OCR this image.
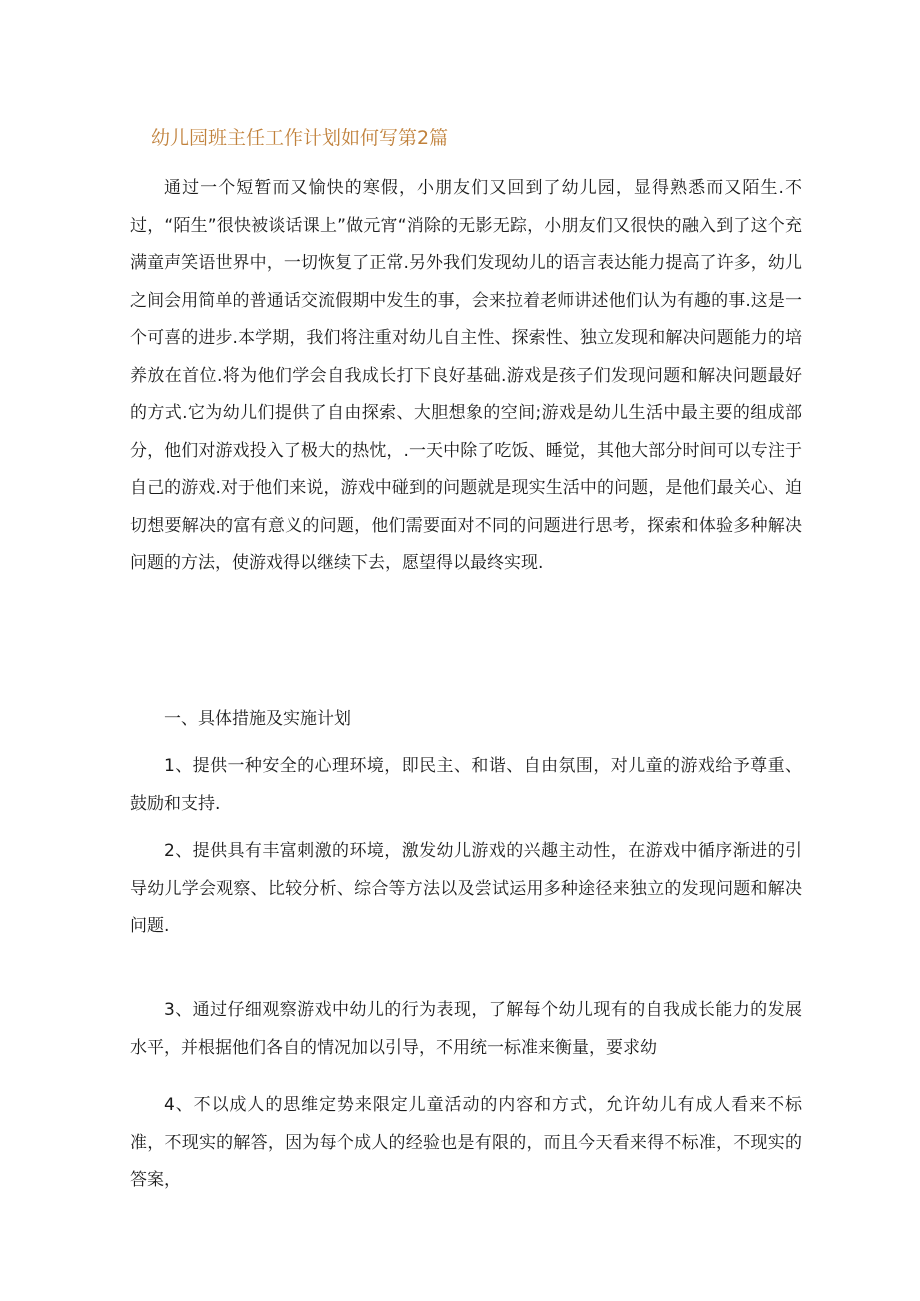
幼儿园班主任工作计划如何写第2篇

通过一个短暂而又愉快的寒假，小朋友们又回到了幼儿园，显得熟悉而又陌生.不过，“陌生”很快被谈话课上”做元宵“消除的无影无踪，小朋友们又很快的融入到了这个充满童声笑语世界中，一切恢复了正常.另外我们发现幼儿的语言表达能力提高了许多，幼儿之间会用简单的普通话交流假期中发生的事，会来拉着老师讲述他们认为有趣的事.这是一个可喜的进步.本学期，我们将注重对幼儿自主性、探索性、独立发现和解决问题能力的培养放在首位.将为他们学会自我成长打下良好基础.游戏是孩子们发现问题和解决问题最好的方式.它为幼儿们提供了自由探索、大胆想象的空间;游戏是幼儿生活中最主要的组成部分，他们对游戏投入了极大的热忱，.一天中除了吃饭、睡觉，其他大部分时间可以专注于自己的游戏.对于他们来说，游戏中碰到的问题就是现实生活中的问题，是他们最关心、迫切想要解决的富有意义的问题，他们需要面对不同的问题进行思考，探索和体验多种解决问题的方法，使游戏得以继续下去，愿望得以最终实现.

一、具体措施及实施计划

1、提供一种安全的心理环境，即民主、和谐、自由氛围，对儿童的游戏给予尊重、鼓励和支持.

2、提供具有丰富刺激的环境，激发幼儿游戏的兴趣主动性，在游戏中循序渐进的引导幼儿学会观察、比较分析、综合等方法以及尝试运用多种途径来独立的发现问题和解决问题.

3、通过仔细观察游戏中幼儿的行为表现，了解每个幼儿现有的自我成长能力的发展水平，并根据他们各自的情况加以引导，不用统一标准来衡量，要求幼

4、不以成人的思维定势来限定儿童活动的内容和方式，允许幼儿有成人看来不标准，不现实的解答，因为每个成人的经验也是有限的，而且今天看来得不标准，不现实的答案，
